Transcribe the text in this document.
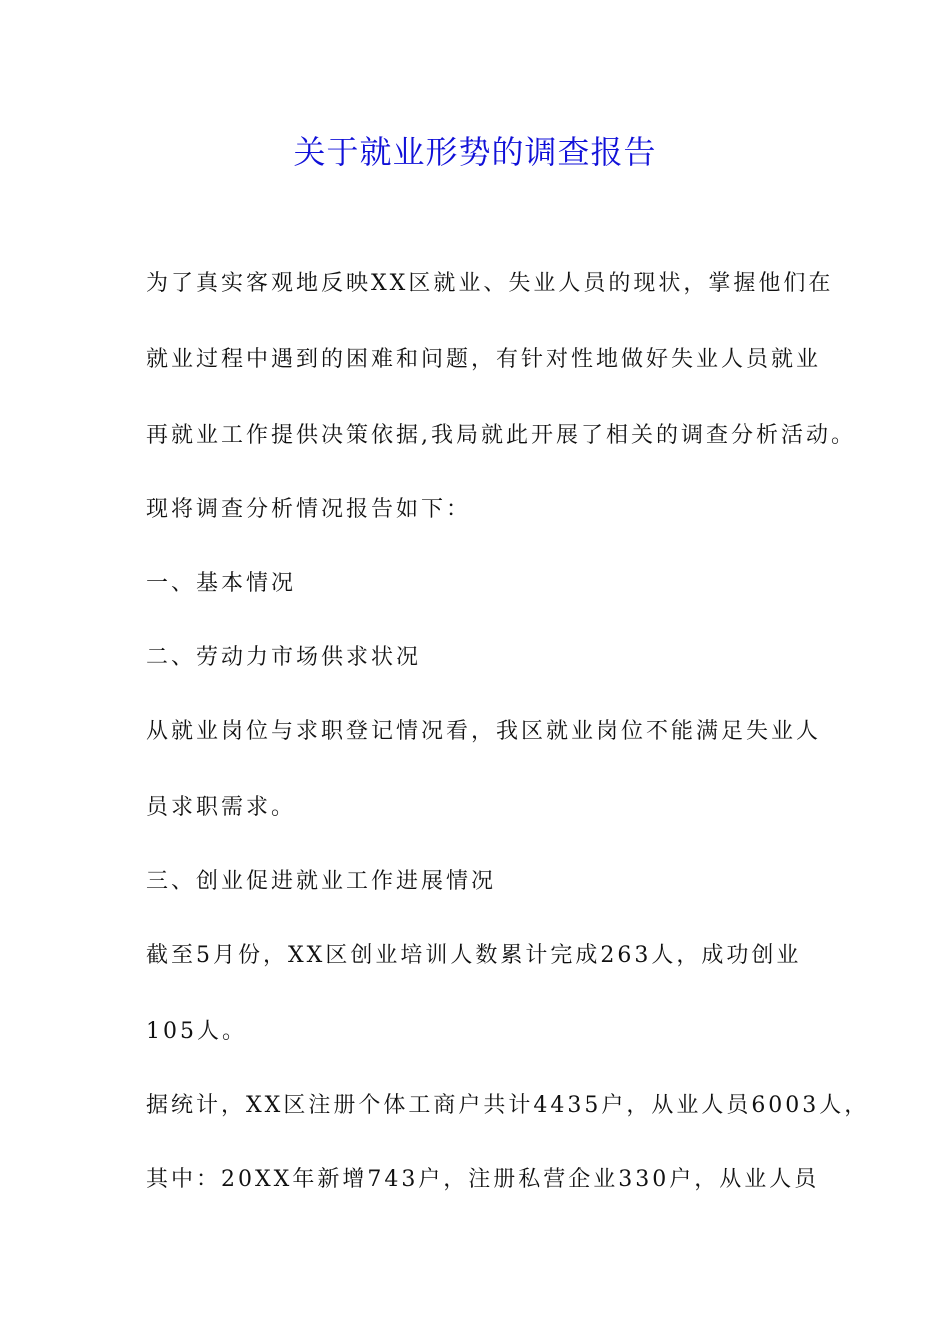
关于就业形势的调查报告

为了真实客观地反映XX区就业、失业人员的现状，掌握他们在

就业过程中遇到的困难和问题，有针对性地做好失业人员就业

再就业工作提供决策依据,我局就此开展了相关的调查分析活动。

现将调查分析情况报告如下：

一、基本情况

二、劳动力市场供求状况

从就业岗位与求职登记情况看，我区就业岗位不能满足失业人

员求职需求。

三、创业促进就业工作进展情况

截至5月份，XX区创业培训人数累计完成263人，成功创业

105人。

据统计，XX区注册个体工商户共计4435户，从业人员6003人，

其中：20XX年新增743户，注册私营企业330户，从业人员
